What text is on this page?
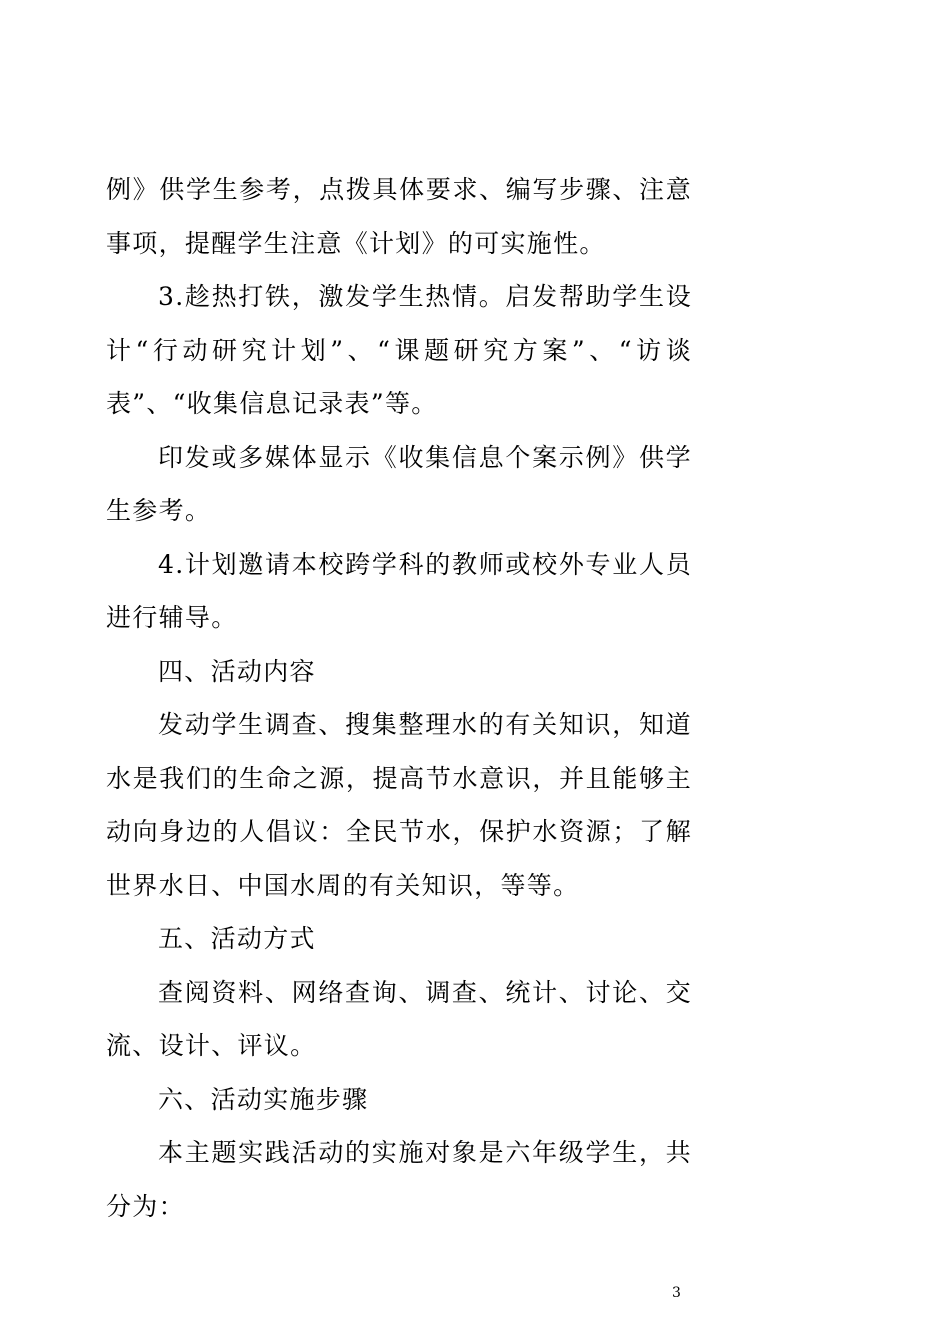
例》供学生参考，点拨具体要求、编写步骤、注意事项，提醒学生注意《计划》的可实施性。

3.趁热打铁，激发学生热情。启发帮助学生设计“行动研究计划”、“课题研究方案”、“访谈表”、“收集信息记录表”等。

印发或多媒体显示《收集信息个案示例》供学生参考。

4.计划邀请本校跨学科的教师或校外专业人员进行辅导。

四、活动内容

发动学生调查、搜集整理水的有关知识，知道水是我们的生命之源，提高节水意识，并且能够主动向身边的人倡议：全民节水，保护水资源；了解世界水日、中国水周的有关知识，等等。

五、活动方式

查阅资料、网络查询、调查、统计、讨论、交流、设计、评议。

六、活动实施步骤

本主题实践活动的实施对象是六年级学生，共分为：

3
